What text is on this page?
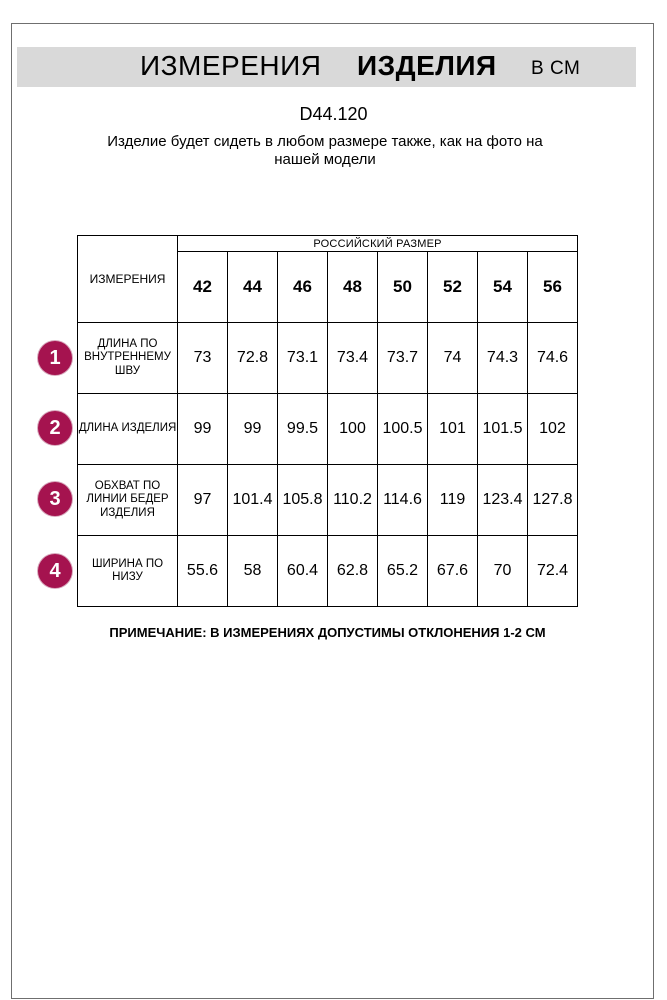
ИЗМЕРЕНИЯ ИЗДЕЛИЯ В СМ
D44.120
Изделие будет сидеть в любом размере также, как на фото на нашей модели
ИЗМЕРЕНИЯ	РОССИЙСКИЙ РАЗМЕР							
	42	44	46	48	50	52	54	56
ДЛИНА ПО ВНУТРЕННЕМУ ШВУ	73	72.8	73.1	73.4	73.7	74	74.3	74.6
ДЛИНА ИЗДЕЛИЯ	99	99	99.5	100	100.5	101	101.5	102
ОБХВАТ ПО ЛИНИИ БЕДЕР ИЗДЕЛИЯ	97	101.4	105.8	110.2	114.6	119	123.4	127.8
ШИРИНА ПО НИЗУ	55.6	58	60.4	62.8	65.2	67.6	70	72.4
1
2
3
4
ПРИМЕЧАНИЕ: В ИЗМЕРЕНИЯХ ДОПУСТИМЫ ОТКЛОНЕНИЯ 1-2 СМ
